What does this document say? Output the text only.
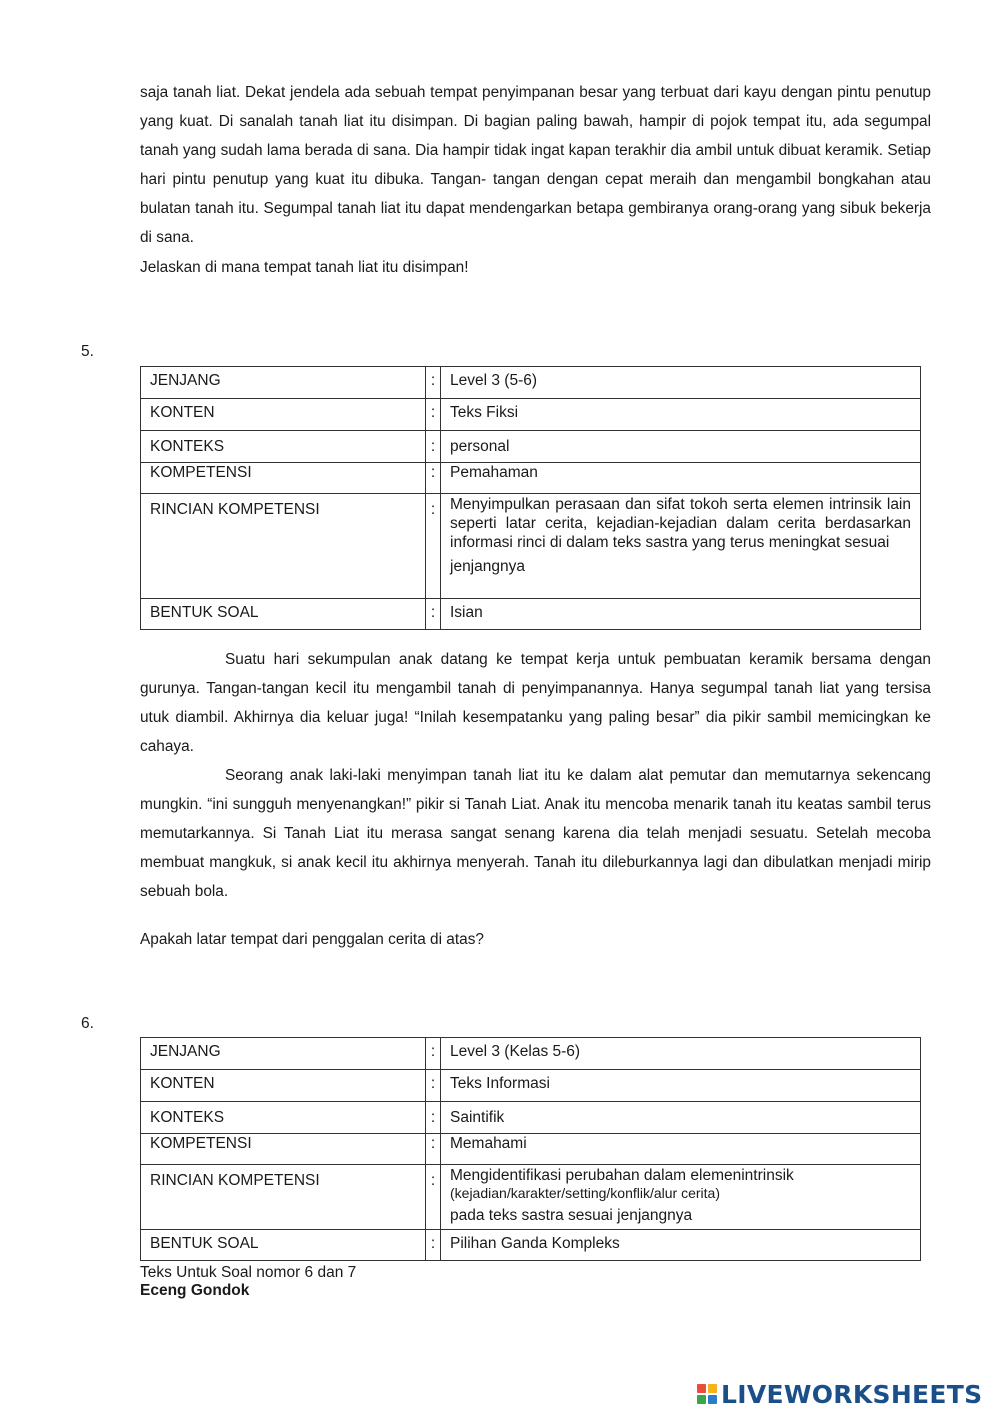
saja tanah liat. Dekat jendela ada sebuah tempat penyimpanan besar yang terbuat dari kayu dengan pintu penutup yang kuat. Di sanalah tanah liat itu disimpan. Di bagian paling bawah, hampir di pojok tempat itu, ada segumpal tanah yang sudah lama berada di sana. Dia hampir tidak ingat kapan terakhir dia ambil untuk dibuat keramik. Setiap hari pintu penutup yang kuat itu dibuka. Tangan- tangan dengan cepat meraih dan mengambil bongkahan atau bulatan tanah itu. Segumpal tanah liat itu dapat mendengarkan betapa gembiranya orang-orang yang sibuk bekerja di sana.

Jelaskan di mana tempat tanah liat itu disimpan!

5.
JENJANG	:	Level 3 (5-6)
KONTEN	:	Teks Fiksi
KONTEKS	:	personal
KOMPETENSI	:	Pemahaman
RINCIAN KOMPETENSI	:	Menyimpulkan perasaan dan sifat tokoh serta elemen intrinsik lain seperti latar cerita, kejadian-kejadian dalam cerita berdasarkan informasi rinci di dalam teks sastra yang terus meningkat sesuai
jenjangnya

BENTUK SOAL	:	Isian

Suatu hari sekumpulan anak datang ke tempat kerja untuk pembuatan keramik bersama dengan gurunya. Tangan-tangan kecil itu mengambil tanah di penyimpanannya. Hanya segumpal tanah liat yang tersisa utuk diambil. Akhirnya dia keluar juga! “Inilah kesempatanku yang paling besar” dia pikir sambil memicingkan ke cahaya.

Seorang anak laki-laki menyimpan tanah liat itu ke dalam alat pemutar dan memutarnya sekencang mungkin. “ini sungguh menyenangkan!” pikir si Tanah Liat. Anak itu mencoba menarik tanah itu keatas sambil terus memutarkannya. Si Tanah Liat itu merasa sangat senang karena dia telah menjadi sesuatu. Setelah mecoba membuat mangkuk, si anak kecil itu akhirnya menyerah. Tanah itu dileburkannya lagi dan dibulatkan menjadi mirip sebuah bola.

Apakah latar tempat dari penggalan cerita di atas?

6.
JENJANG	:	Level 3 (Kelas 5-6)
KONTEN	:	Teks Informasi
KONTEKS	:	Saintifik
KOMPETENSI	:	Memahami
RINCIAN KOMPETENSI	:	Mengidentifikasi perubahan dalam elemenintrinsik
(kejadian/karakter/setting/konflik/alur cerita)
pada teks sastra sesuai jenjangnya

BENTUK SOAL	:	Pilihan Ganda Kompleks

Teks Untuk Soal nomor 6 dan 7

Eceng Gondok

LIVEWORKSHEETS
